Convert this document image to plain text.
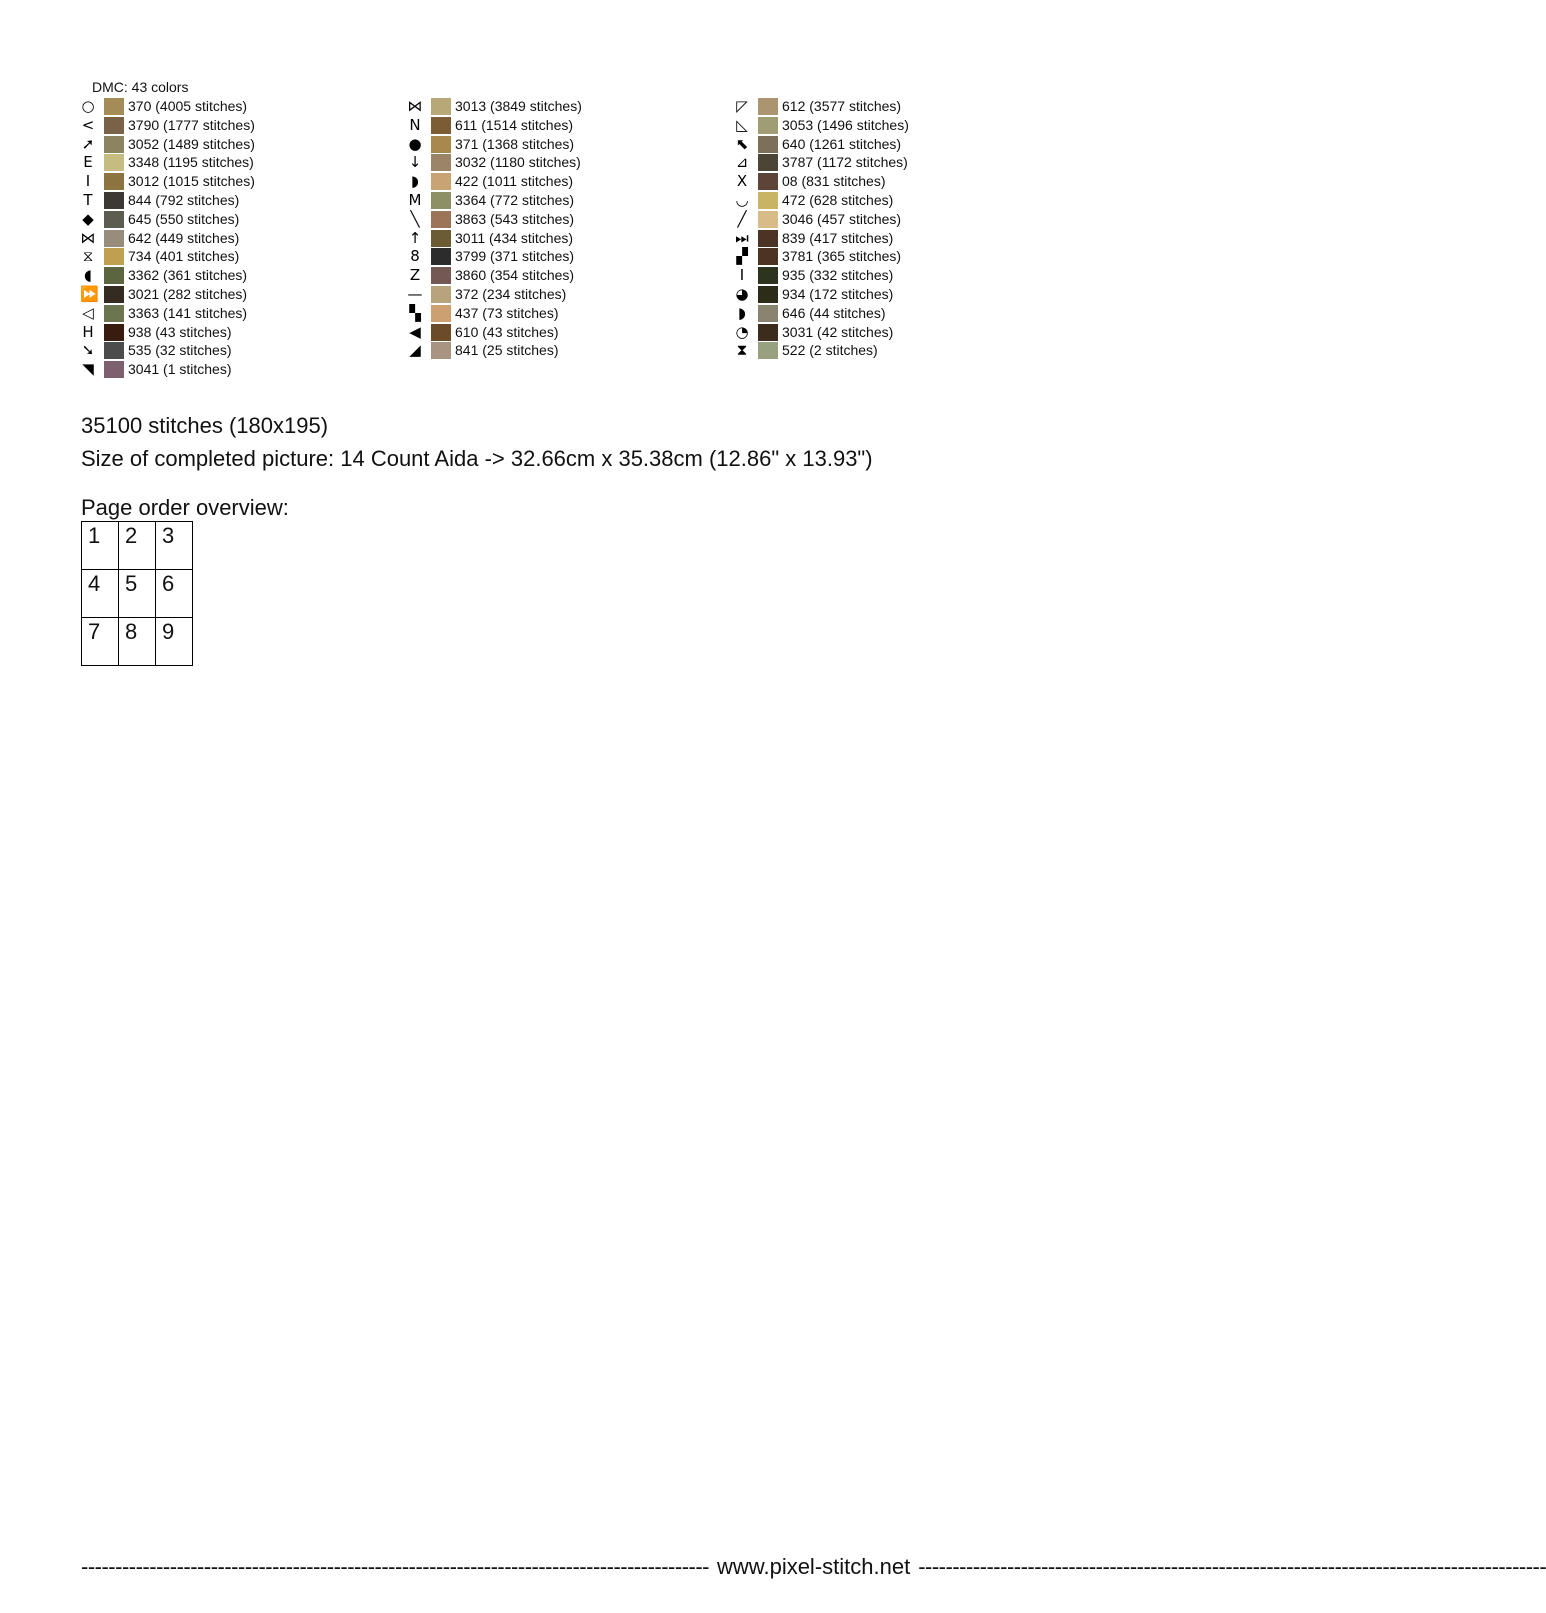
DMC: 43 colors
○ 370 (4005 stitches)
< 3790 (1777 stitches)
➚ 3052 (1489 stitches)
E	3348 (1195 stitches)
I	3012 (1015 stitches)
T	844 (792 stitches)
◆ 645 (550 stitches)
⋈ 642 (449 stitches)
⧖ 734 (401 stitches)
◖	3362 (361 stitches)
⏩ 3021 (282 stitches)
◁ 3363 (141 stitches)
H 938 (43 stitches)
➘ 535 (32 stitches)
◥ 3041 (1 stitches)
⋈ 3013 (3849 stitches)
N 611 (1514 stitches)
● 371 (1368 stitches)
↓ 3032 (1180 stitches)
◗	422 (1011 stitches)
M 3364 (772 stitches)
╲	3863 (543 stitches)
↑ 3011 (434 stitches)
8	3799 (371 stitches)
Z 3860 (354 stitches)
— 372 (234 stitches)
▚ 437 (73 stitches)
◀ 610 (43 stitches)
◢ 841 (25 stitches)
◸ 612 (3577 stitches)
◺ 3053 (1496 stitches)
⬉ 640 (1261 stitches)
⊿ 3787 (1172 stitches)
X 08 (831 stitches)
◡ 472 (628 stitches)
╱	3046 (457 stitches)
⏭ 839 (417 stitches)
▞ 3781 (365 stitches)
I	935 (332 stitches)
◕ 934 (172 stitches)
◗	646 (44 stitches)
◔ 3031 (42 stitches)
⧗ 522 (2 stitches)
35100 stitches (180x195)
Size of completed picture: 14 Count Aida -> 32.66cm x 35.38cm (12.86" x 13.93")
Page order overview:
1	2	3
4	5	6
7	8	9
-------------------------------------------------------------------------------------------- www.pixel-stitch.net --------------------------------------------------------------------------------------------
